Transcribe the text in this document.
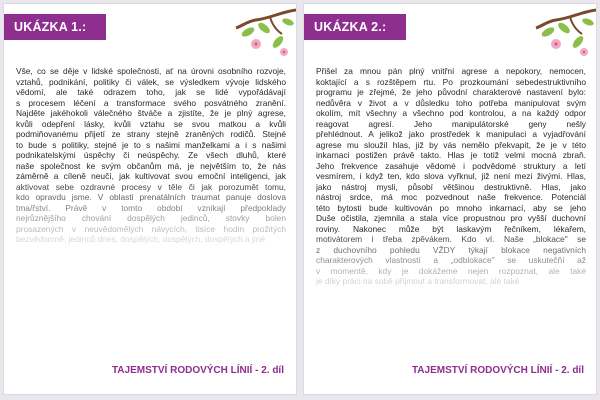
UKÁZKA 1.:
Vše, co se děje v lidské společnosti, ať na úrovni osobního rozvoje,
vztahů, podnikání, politiky či válek, se výsledkem vývoje lidského
vědomí, ale také odrazem toho, jak se lidé vypořádávají
s procesem léčení a transformace svého posvátného zranění.
Najděte jakéhokoli válečného štváče a zjistíte, že je plný agrese,
kvůli odepření lásky, kvůli vztahu se svou matkou a kvůli
podmiňovanému přijetí ze strany stejně zraněných rodičů. Stejné
to bude s politiky, stejné je to s našimi manželkami a i s našimi
podnikatelskými úspěchy či neúspěchy. Ze všech dluhů, které
naše společnost ke svým občanům má, je největším to, že nás
záměrně a cíleně neučí, jak kultivovat svou emoční inteligenci, jak
aktivovat sebe ozdravné procesy v těle či jak porozumět tomu,
kdo opravdu jsme. V oblasti prenatálních traumat panuje doslova
tma/řství. Právě v tomto období vznikají předpoklady
nejrůznějšího chování dospělých jedinců, stovky bolen
prosazených v neuvědomělých návycích, tisíce hodin prožitých
bezvědomně, jedinců dnes, dospělých, dospělých, dospělých a jiné
TAJEMSTVÍ RODOVÝCH LÍNIÍ - 2. díl
UKÁZKA 2.:
Přišel za mnou pán plný vnitřní agrese a nepokory, nemocen,
koktající a s rozštěpem rtu. Po prozkoumání sebedestruktivního
programu je zřejmé, že jeho původní charakterové nastavení bylo:
nedůvěra v život a v důsledku toho potřeba manipulovat svým
okolím, mít všechny a všechno pod kontrolou, a na každý odpor
reagovat agresí. Jeho manipulátorské geny nešly
přehlédnout. A jelikož jako prostředek k manipulaci a vyjadřování
agrese mu sloužil hlas, již by vás nemělo překvapit, že je v této
inkarnaci postižen právě takto. Hlas je totiž velmi mocná zbraň.
Jeho frekvence zasahuje vědomé i podvědomé struktury a letí
vesmírem, i když ten, kdo slova vyřknul, již není mezi živými. Hlas,
jako nástroj mysli, působí většinou destruktivně. Hlas, jako
nástroj srdce, má moc pozvednout naše frekvence. Potenciál
této bytosti bude kultivován po mnoho inkarnací, aby se jeho
Duše očistila, zjemnila a stala více propustnou pro vyšší duchovní
roviny. Nakonec může být laskavým řečníkem, lékařem,
motivátorem i třeba zpěvákem. Kdo ví. Naše „blokace" se
z duchovního pohledu VŽDY týkají blokace negativních
charakterových vlastností a „odblokace" se uskutečňí až
v momentě, kdy je dokážeme nejen rozpoznat, ale také
je díky práci na sobě přijmout a transformovat, ale také
TAJEMSTVÍ RODOVÝCH LÍNIÍ - 2. díl
